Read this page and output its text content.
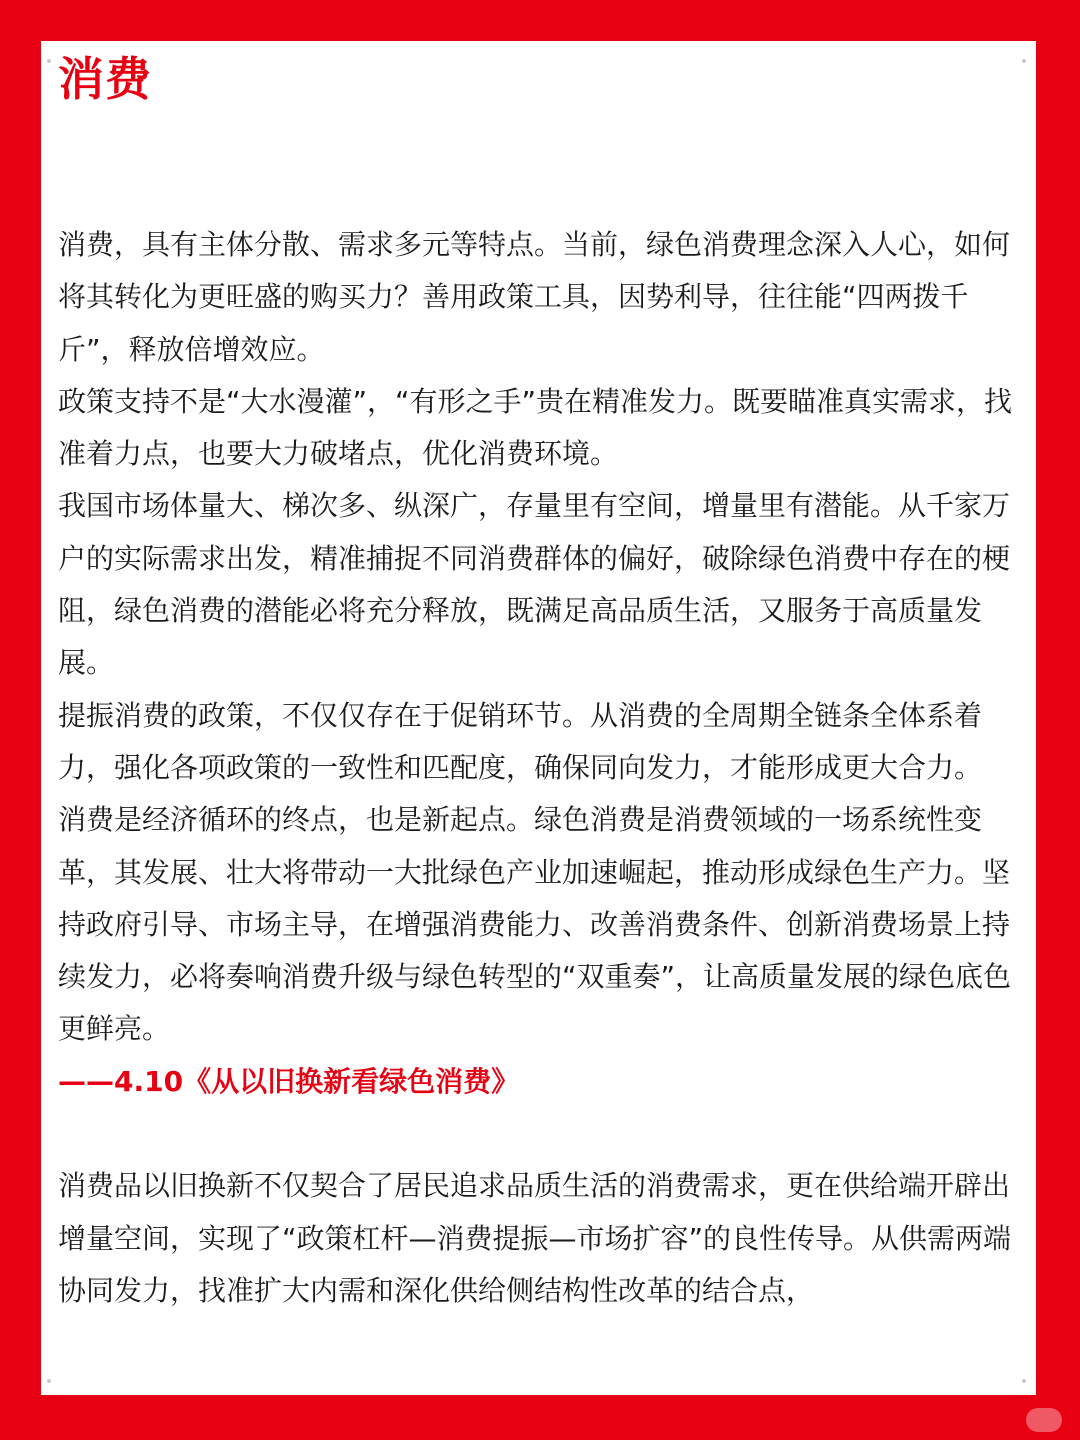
消费

消费，具有主体分散、需求多元等特点。当前，绿色消费理念深入人心，如何将其转化为更旺盛的购买力？善用政策工具，因势利导，往往能“四两拨千斤”，释放倍增效应。

政策支持不是“大水漫灌”，“有形之手”贵在精准发力。既要瞄准真实需求，找准着力点，也要大力破堵点，优化消费环境。

我国市场体量大、梯次多、纵深广，存量里有空间，增量里有潜能。从千家万户的实际需求出发，精准捕捉不同消费群体的偏好，破除绿色消费中存在的梗阻，绿色消费的潜能必将充分释放，既满足高品质生活，又服务于高质量发展。

提振消费的政策，不仅仅存在于促销环节。从消费的全周期全链条全体系着力，强化各项政策的一致性和匹配度，确保同向发力，才能形成更大合力。

消费是经济循环的终点，也是新起点。绿色消费是消费领域的一场系统性变革，其发展、壮大将带动一大批绿色产业加速崛起，推动形成绿色生产力。坚持政府引导、市场主导，在增强消费能力、改善消费条件、创新消费场景上持续发力，必将奏响消费升级与绿色转型的“双重奏”，让高质量发展的绿色底色更鲜亮。

——4.10《从以旧换新看绿色消费》

消费品以旧换新不仅契合了居民追求品质生活的消费需求，更在供给端开辟出增量空间，实现了“政策杠杆—消费提振—市场扩容”的良性传导。从供需两端协同发力，找准扩大内需和深化供给侧结构性改革的结合点，
